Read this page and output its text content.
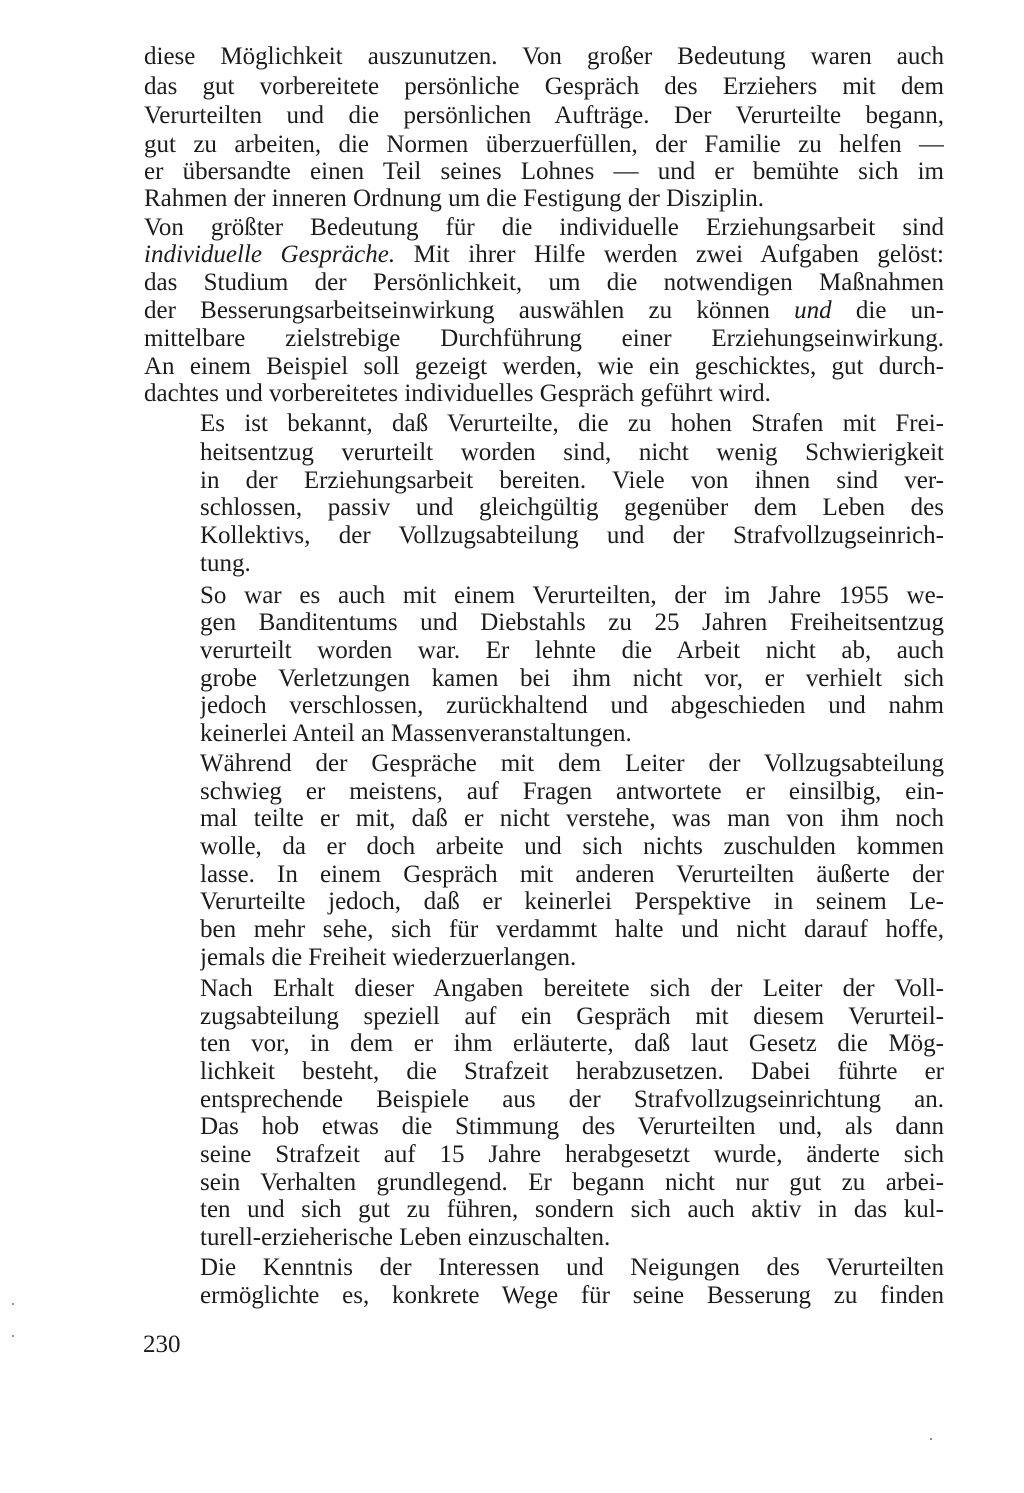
diese Möglichkeit auszunutzen. Von großer Bedeutung waren auch
das gut vorbereitete persönliche Gespräch des Erziehers mit dem
Verurteilten und die persönlichen Aufträge. Der Verurteilte begann,
gut zu arbeiten, die Normen überzuerfüllen, der Familie zu helfen —
er übersandte einen Teil seines Lohnes — und er bemühte sich im
Rahmen der inneren Ordnung um die Festigung der Disziplin.
Von größter Bedeutung für die individuelle Erziehungsarbeit sind
individuelle Gespräche. Mit ihrer Hilfe werden zwei Aufgaben gelöst:
das Studium der Persönlichkeit, um die notwendigen Maßnahmen
der Besserungsarbeitseinwirkung auswählen zu können und die un-
mittelbare zielstrebige Durchführung einer Erziehungseinwirkung.
An einem Beispiel soll gezeigt werden, wie ein geschicktes, gut durch-
dachtes und vorbereitetes individuelles Gespräch geführt wird.
Es ist bekannt, daß Verurteilte, die zu hohen Strafen mit Frei-
heitsentzug verurteilt worden sind, nicht wenig Schwierigkeit
in der Erziehungsarbeit bereiten. Viele von ihnen sind ver-
schlossen, passiv und gleichgültig gegenüber dem Leben des
Kollektivs, der Vollzugsabteilung und der Strafvollzugseinrich-
tung.
So war es auch mit einem Verurteilten, der im Jahre 1955 we-
gen Banditentums und Diebstahls zu 25 Jahren Freiheitsentzug
verurteilt worden war. Er lehnte die Arbeit nicht ab, auch
grobe Verletzungen kamen bei ihm nicht vor, er verhielt sich
jedoch verschlossen, zurückhaltend und abgeschieden und nahm
keinerlei Anteil an Massenveranstaltungen.
Während der Gespräche mit dem Leiter der Vollzugsabteilung
schwieg er meistens, auf Fragen antwortete er einsilbig, ein-
mal teilte er mit, daß er nicht verstehe, was man von ihm noch
wolle, da er doch arbeite und sich nichts zuschulden kommen
lasse. In einem Gespräch mit anderen Verurteilten äußerte der
Verurteilte jedoch, daß er keinerlei Perspektive in seinem Le-
ben mehr sehe, sich für verdammt halte und nicht darauf hoffe,
jemals die Freiheit wiederzuerlangen.
Nach Erhalt dieser Angaben bereitete sich der Leiter der Voll-
zugsabteilung speziell auf ein Gespräch mit diesem Verurteil-
ten vor, in dem er ihm erläuterte, daß laut Gesetz die Mög-
lichkeit besteht, die Strafzeit herabzusetzen. Dabei führte er
entsprechende Beispiele aus der Strafvollzugseinrichtung an.
Das hob etwas die Stimmung des Verurteilten und, als dann
seine Strafzeit auf 15 Jahre herabgesetzt wurde, änderte sich
sein Verhalten grundlegend. Er begann nicht nur gut zu arbei-
ten und sich gut zu führen, sondern sich auch aktiv in das kul-
turell-erzieherische Leben einzuschalten.
Die Kenntnis der Interessen und Neigungen des Verurteilten
ermöglichte es, konkrete Wege für seine Besserung zu finden
230
